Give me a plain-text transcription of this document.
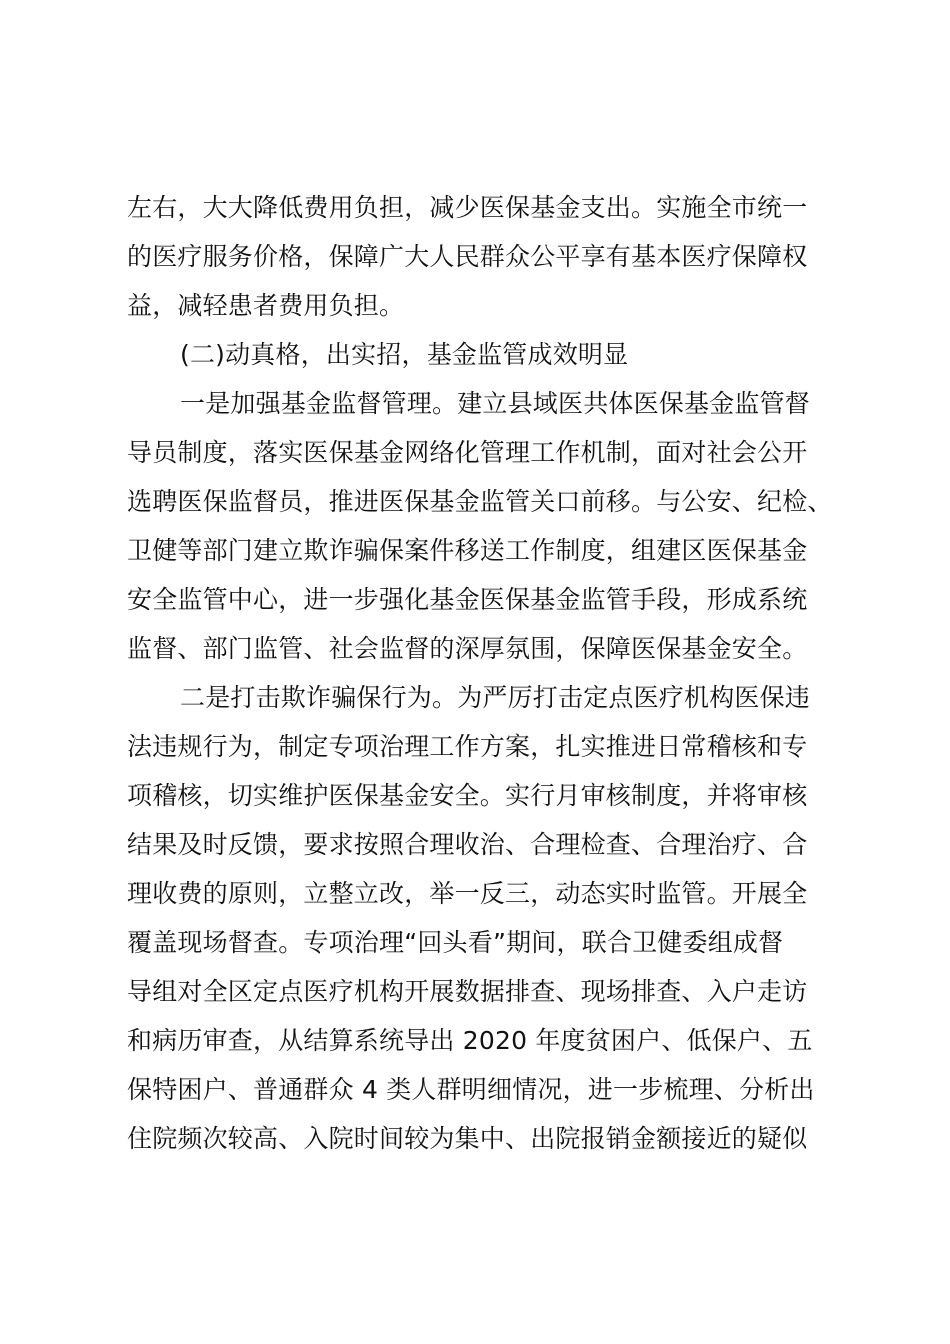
左右，大大降低费用负担，减少医保基金支出。实施全市统一
的医疗服务价格，保障广大人民群众公平享有基本医疗保障权
益，减轻患者费用负担。
(二)动真格，出实招，基金监管成效明显
一是加强基金监督管理。建立县域医共体医保基金监管督
导员制度，落实医保基金网络化管理工作机制，面对社会公开
选聘医保监督员，推进医保基金监管关口前移。与公安、纪检、
卫健等部门建立欺诈骗保案件移送工作制度，组建区医保基金
安全监管中心，进一步强化基金医保基金监管手段，形成系统
监督、部门监管、社会监督的深厚氛围，保障医保基金安全。
二是打击欺诈骗保行为。为严厉打击定点医疗机构医保违
法违规行为，制定专项治理工作方案，扎实推进日常稽核和专
项稽核，切实维护医保基金安全。实行月审核制度，并将审核
结果及时反馈，要求按照合理收治、合理检查、合理治疗、合
理收费的原则，立整立改，举一反三，动态实时监管。开展全
覆盖现场督查。专项治理“回头看”期间，联合卫健委组成督
导组对全区定点医疗机构开展数据排查、现场排查、入户走访
和病历审查，从结算系统导出 2020 年度贫困户、低保户、五
保特困户、普通群众 4 类人群明细情况，进一步梳理、分析出
住院频次较高、入院时间较为集中、出院报销金额接近的疑似
